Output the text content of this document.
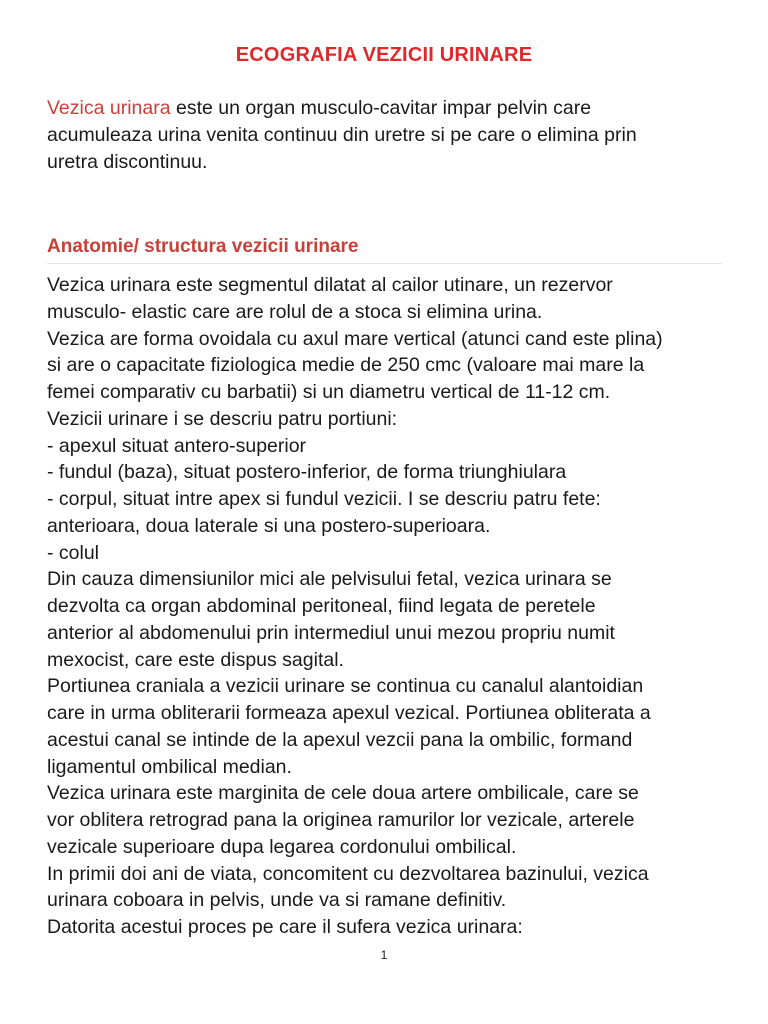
ECOGRAFIA VEZICII URINARE
Vezica urinara este un organ musculo-cavitar impar pelvin care
acumuleaza urina venita continuu din uretre si pe care o elimina prin
uretra discontinuu.
Anatomie/ structura vezicii urinare
Vezica urinara este segmentul dilatat al cailor utinare, un rezervor
musculo- elastic care are rolul de a stoca si elimina urina.
Vezica are forma ovoidala cu axul mare vertical (atunci cand este plina)
si are o capacitate fiziologica medie de 250 cmc (valoare mai mare la
femei comparativ cu barbatii) si un diametru vertical de 11-12 cm.
Vezicii urinare i se descriu patru portiuni:
- apexul situat antero-superior
- fundul (baza), situat postero-inferior, de forma triunghiulara
- corpul, situat intre apex si fundul vezicii. I se descriu patru fete:
anterioara, doua laterale si una postero-superioara.
- colul
Din cauza dimensiunilor mici ale pelvisului fetal, vezica urinara se
dezvolta ca organ abdominal peritoneal, fiind legata de peretele
anterior al abdomenului prin intermediul unui mezou propriu numit
mexocist, care este dispus sagital.
Portiunea craniala a vezicii urinare se continua cu canalul alantoidian
care in urma obliterarii formeaza apexul vezical. Portiunea obliterata a
acestui canal se intinde de la apexul vezcii pana la ombilic, formand
ligamentul ombilical median.
Vezica urinara este marginita de cele doua artere ombilicale, care se
vor oblitera retrograd pana la originea ramurilor lor vezicale, arterele
vezicale superioare dupa legarea cordonului ombilical.
In primii doi ani de viata, concomitent cu dezvoltarea bazinului, vezica
urinara coboara in pelvis, unde va si ramane definitiv.
Datorita acestui proces pe care il sufera vezica urinara:
1
